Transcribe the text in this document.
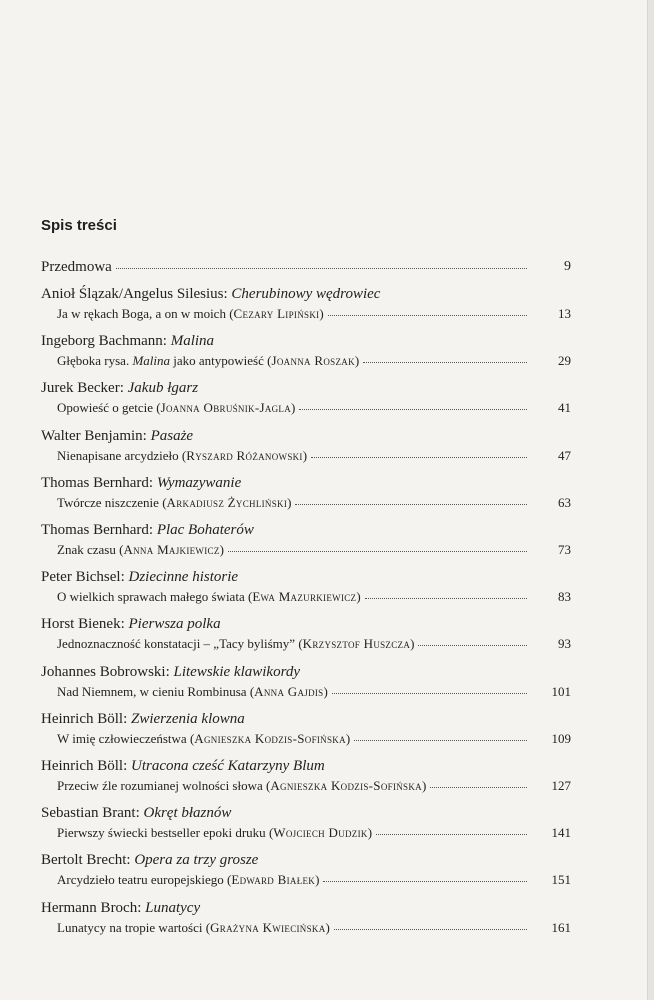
Spis treści
Przedmowa	9
Anioł Ślązak/Angelus Silesius: Cherubinowy wędrowiec
Ja w rękach Boga, a on w moich (Cezary Lipiński)	13
Ingeborg Bachmann: Malina
Głęboka rysa. Malina jako antypowieść (Joanna Roszak)	29
Jurek Becker: Jakub łgarz
Opowieść o getcie (Joanna Obruśnik-Jagla)	41
Walter Benjamin: Pasaże
Nienapisane arcydzieło (Ryszard Różanowski)	47
Thomas Bernhard: Wymazywanie
Twórcze niszczenie (Arkadiusz Żychliński)	63
Thomas Bernhard: Plac Bohaterów
Znak czasu (Anna Majkiewicz)	73
Peter Bichsel: Dziecinne historie
O wielkich sprawach małego świata (Ewa Mazurkiewicz)	83
Horst Bienek: Pierwsza polka
Jednoznaczność konstatacji – „Tacy byliśmy” (Krzysztof Huszcza)	93
Johannes Bobrowski: Litewskie klawikordy
Nad Niemnem, w cieniu Rombinusa (Anna Gajdis)	101
Heinrich Böll: Zwierzenia klowna
W imię człowieczeństwa (Agnieszka Kodzis-Sofińska)	109
Heinrich Böll: Utracona cześć Katarzyny Blum
Przeciw źle rozumianej wolności słowa (Agnieszka Kodzis-Sofińska)	127
Sebastian Brant: Okręt błaznów
Pierwszy świecki bestseller epoki druku (Wojciech Dudzik)	141
Bertolt Brecht: Opera za trzy grosze
Arcydzieło teatru europejskiego (Edward Białek)	151
Hermann Broch: Lunatycy
Lunatycy na tropie wartości (Grażyna Kwiecińska)	161
